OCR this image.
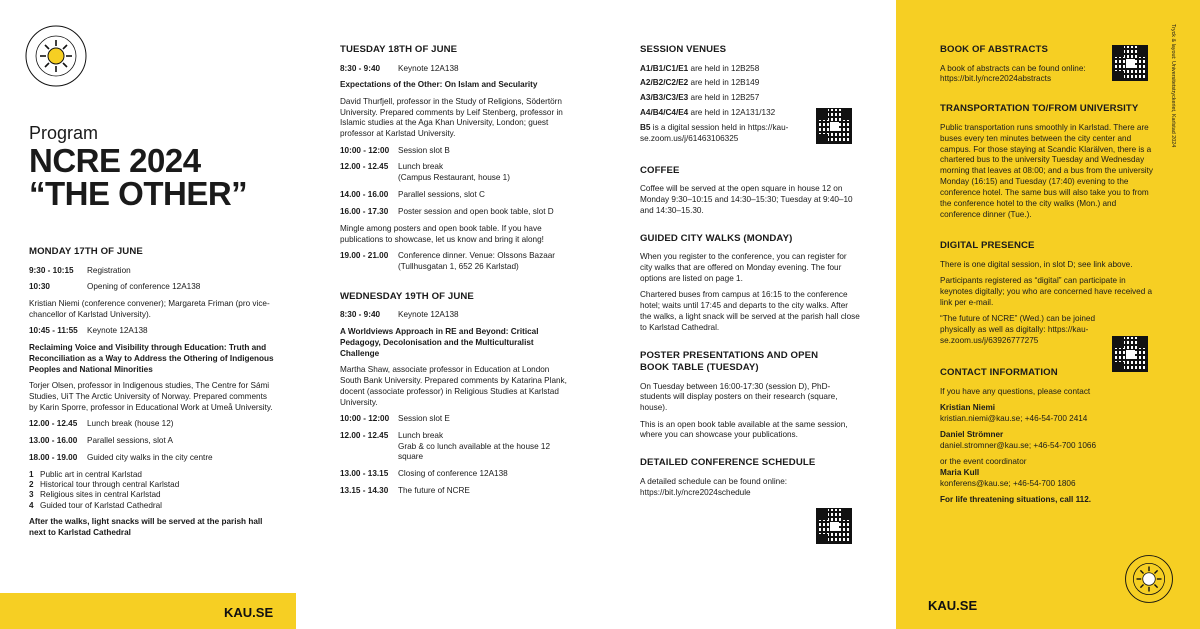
Program
NCRE 2024
“THE OTHER”
MONDAY 17TH OF JUNE
9:30 - 10:15	Registration
10:30	Opening of conference 12A138
Kristian Niemi (conference convener); Margareta Friman (pro vice-chancellor of Karlstad University).
10:45 - 11:55	Keynote 12A138
Reclaiming Voice and Visibility through Education: Truth and Reconciliation as a Way to Address the Othering of Indigenous Peoples and National Minorities
Torjer Olsen, professor in Indigenous studies, The Centre for Sámi Studies, UiT The Arctic University of Norway. Prepared comments by Karin Sporre, professor in Educational Work at Umeå University.
12.00 - 12.45	Lunch break (house 12)
13.00 - 16.00	Parallel sessions, slot A
18.00 - 19.00	Guided city walks in the city centre
1 Public art in central Karlstad
2 Historical tour through central Karlstad
3 Religious sites in central Karlstad
4 Guided tour of Karlstad Cathedral
After the walks, light snacks will be served at the parish hall next to Karlstad Cathedral
KAU.SE
TUESDAY 18TH OF JUNE
8:30 - 9:40	Keynote 12A138
Expectations of the Other: On Islam and Secularity
David Thurfjell, professor in the Study of Religions, Södertörn University. Prepared comments by Leif Stenberg, professor in Islamic studies at the Aga Khan University, London; guest professor at Karlstad University.
10:00 - 12:00	Session slot B
12.00 - 12.45	Lunch break
(Campus Restaurant, house 1)
14.00 - 16.00	Parallel sessions, slot C
16.00 - 17.30	Poster session and open book table, slot D
Mingle among posters and open book table. If you have publications to showcase, let us know and bring it along!
19.00 - 21.00	Conference dinner. Venue: Olssons Bazaar (Tullhusgatan 1, 652 26 Karlstad)
WEDNESDAY 19TH OF JUNE
8:30 - 9:40	Keynote 12A138
A Worldviews Approach in RE and Beyond: Critical Pedagogy, Decolonisation and the Multiculturalist Challenge
Martha Shaw, associate professor in Education at London South Bank University. Prepared comments by Katarina Plank, docent (associate professor) in Religious Studies at Karlstad University.
10:00 - 12:00	Session slot E
12.00 - 12.45	Lunch break
Grab & co lunch available at the house 12 square
13.00 - 13.15	Closing of conference 12A138
13.15 - 14.30	The future of NCRE
SESSION VENUES
A1/B1/C1/E1 are held in 12B258
A2/B2/C2/E2 are held in 12B149
A3/B3/C3/E3 are held in 12B257
A4/B4/C4/E4 are held in 12A131/132
B5 is a digital session held in https://kau-se.zoom.us/j/61463106325
COFFEE
Coffee will be served at the open square in house 12 on Monday 9:30–10:15 and 14:30–15:30; Tuesday at 9:40–10 and 14:30–15.30.
GUIDED CITY WALKS (MONDAY)
When you register to the conference, you can register for city walks that are offered on Monday evening. The four options are listed on page 1.
Chartered buses from campus at 16:15 to the conference hotel; waits until 17:45 and departs to the city walks. After the walks, a light snack will be served at the parish hall close to Karlstad Cathedral.
POSTER PRESENTATIONS AND OPEN BOOK TABLE (TUESDAY)
On Tuesday between 16:00-17:30 (session D), PhD-students will display posters on their research (square, house).
This is an open book table available at the same session, where you can showcase your publications.
DETAILED CONFERENCE SCHEDULE
A detailed schedule can be found online: https://bit.ly/ncre2024schedule
BOOK OF ABSTRACTS
A book of abstracts can be found online: https://bit.ly/ncre2024abstracts
TRANSPORTATION TO/FROM UNIVERSITY
Public transportation runs smoothly in Karlstad. There are buses every ten minutes between the city center and campus. For those staying at Scandic Klarälven, there is a chartered bus to the university Tuesday and Wednesday morning that leaves at 08:00; and a bus from the university Monday (16:15) and Tuesday (17:40) evening to the conference hotel. The same bus will also take you to from the conference hotel to the city walks (Mon.) and conference dinner (Tue.).
DIGITAL PRESENCE
There is one digital session, in slot D; see link above.
Participants registered as “digital” can participate in keynotes digitally; you who are concerned have received a link per e-mail.
“The future of NCRE” (Wed.) can be joined physically as well as digitally: https://kau-se.zoom.us/j/63926777275
CONTACT INFORMATION
If you have any questions, please contact
Kristian Niemi
kristian.niemi@kau.se; +46-54-700 2414
Daniel Strömner
daniel.stromner@kau.se; +46-54-700 1066
or the event coordinator
Maria Kull
konferens@kau.se; +46-54-700 1806
For life threatening situations, call 112.
Tryck & layout: Universitetstryckeriet, Karlstad 2024
KAU.SE
